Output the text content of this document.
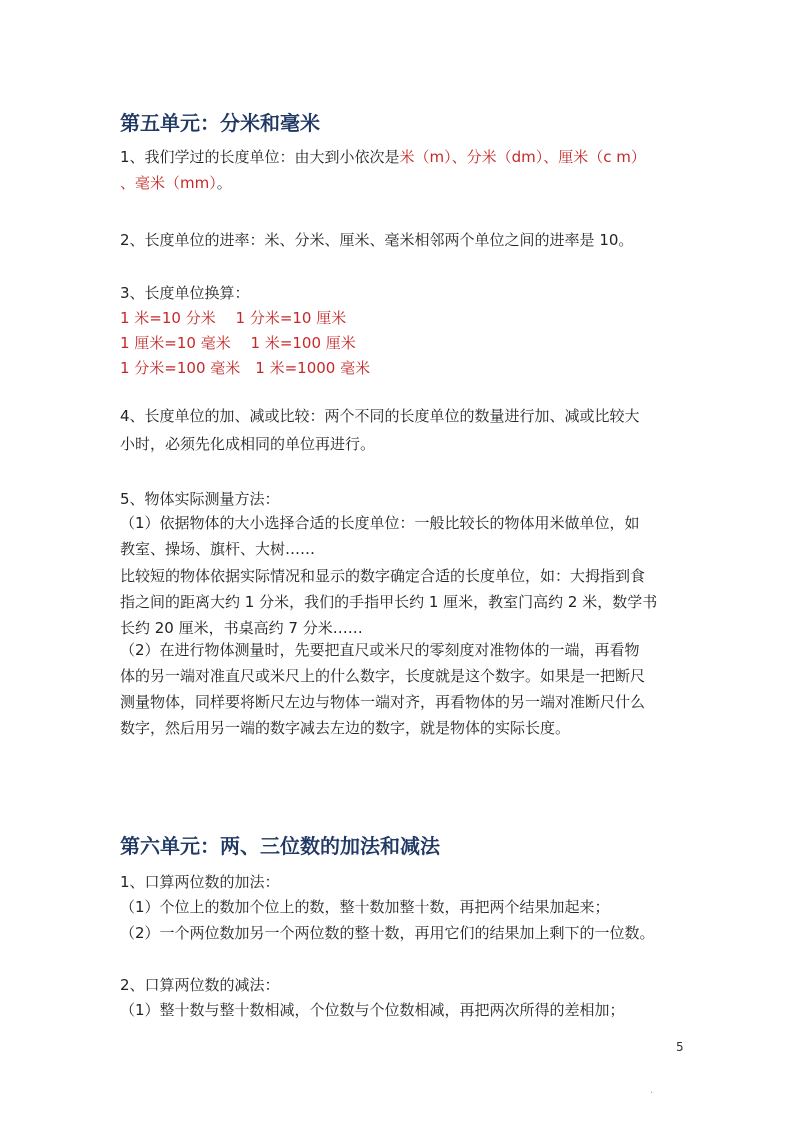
第五单元：分米和毫米
1、我们学过的长度单位：由大到小依次是米（m）、分米（dm）、厘米（c m）
、毫米（mm）。
2、长度单位的进率：米、分米、厘米、毫米相邻两个单位之间的进率是 10。
3、长度单位换算：
1 米=10 分米　 1 分米=10 厘米
1 厘米=10 毫米　 1 米=100 厘米
1 分米=100 毫米　1 米=1000 毫米
4、长度单位的加、减或比较：两个不同的长度单位的数量进行加、减或比较大
小时，必须先化成相同的单位再进行。
5、物体实际测量方法：
（1）依据物体的大小选择合适的长度单位：一般比较长的物体用米做单位，如
教室、操场、旗杆、大树……
比较短的物体依据实际情况和显示的数字确定合适的长度单位，如：大拇指到食
指之间的距离大约 1 分米，我们的手指甲长约 1 厘米，教室门高约 2 米，数学书
长约 20 厘米，书桌高约 7 分米……
（2）在进行物体测量时，先要把直尺或米尺的零刻度对准物体的一端，再看物
体的另一端对准直尺或米尺上的什么数字，长度就是这个数字。如果是一把断尺
测量物体，同样要将断尺左边与物体一端对齐，再看物体的另一端对准断尺什么
数字，然后用另一端的数字减去左边的数字，就是物体的实际长度。
第六单元：两、三位数的加法和减法
1、口算两位数的加法：
（1）个位上的数加个位上的数，整十数加整十数，再把两个结果加起来；
（2）一个两位数加另一个两位数的整十数，再用它们的结果加上剩下的一位数。
2、口算两位数的减法：
（1）整十数与整十数相减，个位数与个位数相减，再把两次所得的差相加；
5
·
